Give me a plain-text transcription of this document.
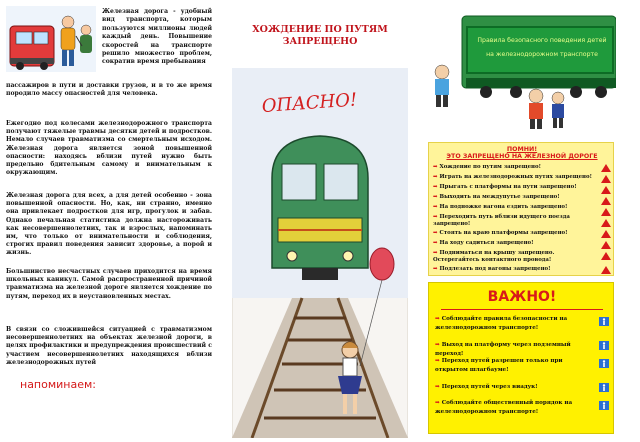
Железная дорога - удобный вид транспорта, которым пользуются миллионы людей каждый день. Повышение скоростей на транспорте решило множество проблем, сократив время пребывания
пассажиров в пути и доставки грузов, и в то же время породило массу опасностей для человека.
Ежегодно под колесами железнодорожного транспорта получают тяжелые травмы десятки детей и подростков. Немало случаев травматизма со смертельным исходом. Железная дорога является зоной повышенной опасности: находясь вблизи путей нужно быть предельно бдительным самому и внимательным к окружающим.
Железная дорога для всех, а для детей особенно - зона повышенной опасности. Но, как, ни странно, именно она привлекает подростков для игр, прогулок и забав. Однако печальная статистика должна настороживать как несовершеннолетних, так и взрослых, напоминать им, что только от внимательности и соблюдения, строгих правил поведения зависит здоровье, а порой и жизнь.
Большинство несчастных случаев приходится на время школьных каникул. Самой распространенной причиной травматизма на железной дороге является хождение по путям, переход их в неустановленных местах.
В связи со сложившейся ситуацией с травматизмом несовершеннолетних на объектах железной дороги, в целях профилактики и предупреждения происшествий с участием несовершеннолетних находящихся вблизи железнодорожных путей
напоминаем:
ХОЖДЕНИЕ ПО ПУТЯМ ЗАПРЕЩЕНО
ОПАСНО!
Правила безопасного поведения детей
на железнодорожном транспорте
ПОМНИ!
ЭТО ЗАПРЕЩЕНО НА ЖЕЛЕЗНОЙ ДОРОГЕ
➡ Хождение по путям запрещено!
➡ Играть на железнодорожных путях запрещено!
➡ Прыгать с платформы на пути запрещено!
➡ Выходить на междупутье запрещено!
➡ На подножке вагона ездить запрещено!
➡ Переходить путь вблизи идущего поезда запрещено!
➡ Стоять на краю платформы запрещено!
➡ На ходу садиться запрещено!
➡ Подниматься на крышу запрещено. Остерегайтесь контактного провода!
➡ Подлезать под вагоны запрещено!
ВАЖНО!
➡ Соблюдайте правила безопасности на железнодорожном транспорте!
➡ Выход на платформу через подземный переход!
➡ Переход путей разрешен только при открытом шлагбауме!
➡ Переход путей через виадук!
➡ Соблюдайте общественный порядок на железнодорожном транспорте!
